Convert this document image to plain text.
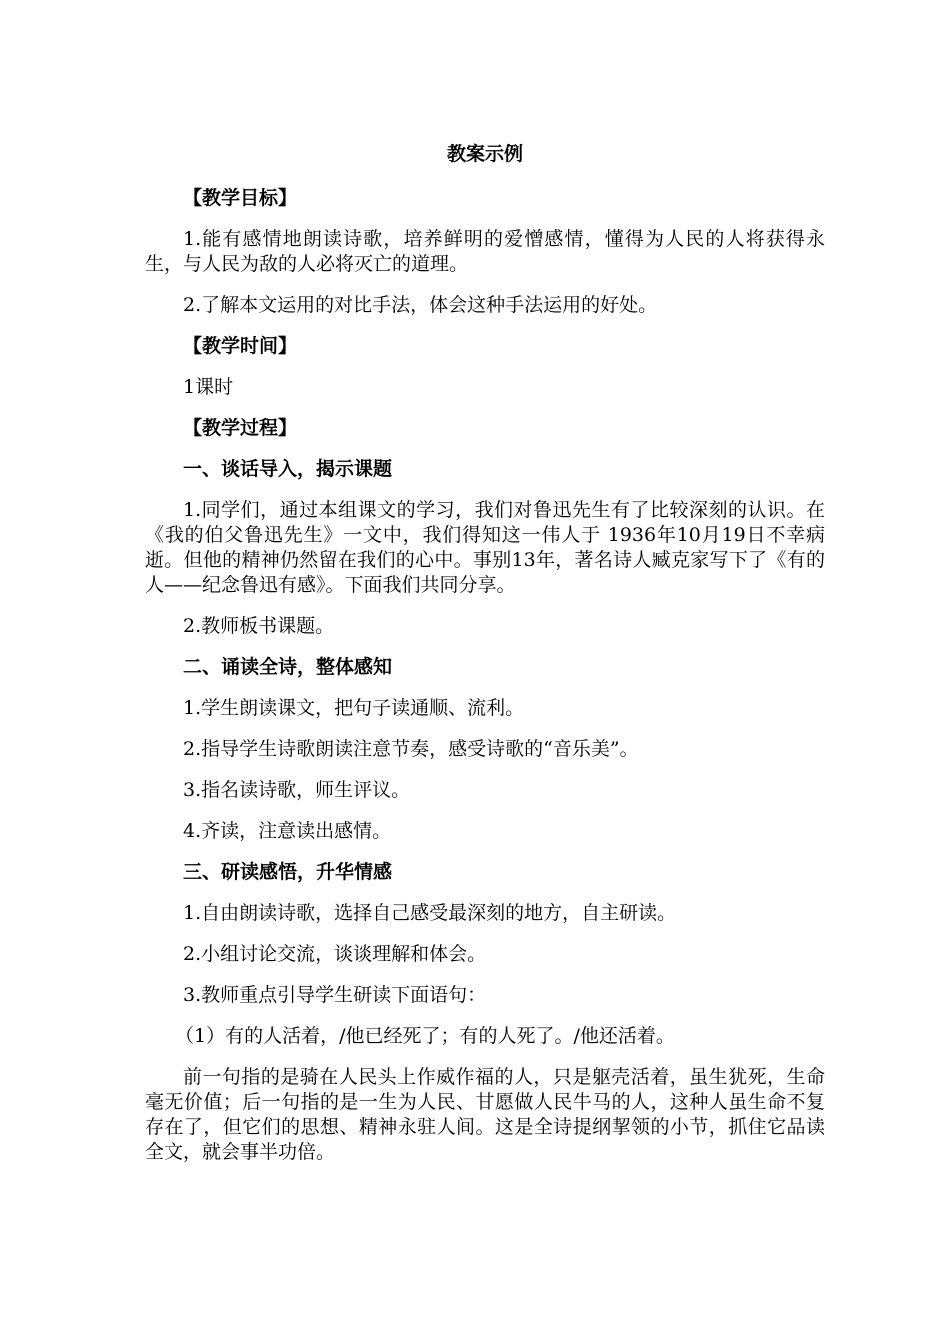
教案示例

【教学目标】

1.能有感情地朗读诗歌，培养鲜明的爱憎感情，懂得为人民的人将获得永生，与人民为敌的人必将灭亡的道理。

2.了解本文运用的对比手法，体会这种手法运用的好处。

【教学时间】

1课时

【教学过程】

一、谈话导入，揭示课题

1.同学们，通过本组课文的学习，我们对鲁迅先生有了比较深刻的认识。在《我的伯父鲁迅先生》一文中，我们得知这一伟人于 1936年10月19日不幸病逝。但他的精神仍然留在我们的心中。事别13年，著名诗人臧克家写下了《有的人——纪念鲁迅有感》。下面我们共同分享。

2.教师板书课题。

二、诵读全诗，整体感知

1.学生朗读课文，把句子读通顺、流利。

2.指导学生诗歌朗读注意节奏，感受诗歌的“音乐美”。

3.指名读诗歌，师生评议。

4.齐读，注意读出感情。

三、研读感悟，升华情感

1.自由朗读诗歌，选择自己感受最深刻的地方，自主研读。

2.小组讨论交流，谈谈理解和体会。

3.教师重点引导学生研读下面语句：

（1）有的人活着，/他已经死了；有的人死了。/他还活着。

前一句指的是骑在人民头上作威作福的人，只是躯壳活着，虽生犹死，生命毫无价值；后一句指的是一生为人民、甘愿做人民牛马的人，这种人虽生命不复存在了，但它们的思想、精神永驻人间。这是全诗提纲挈领的小节，抓住它品读全文，就会事半功倍。
